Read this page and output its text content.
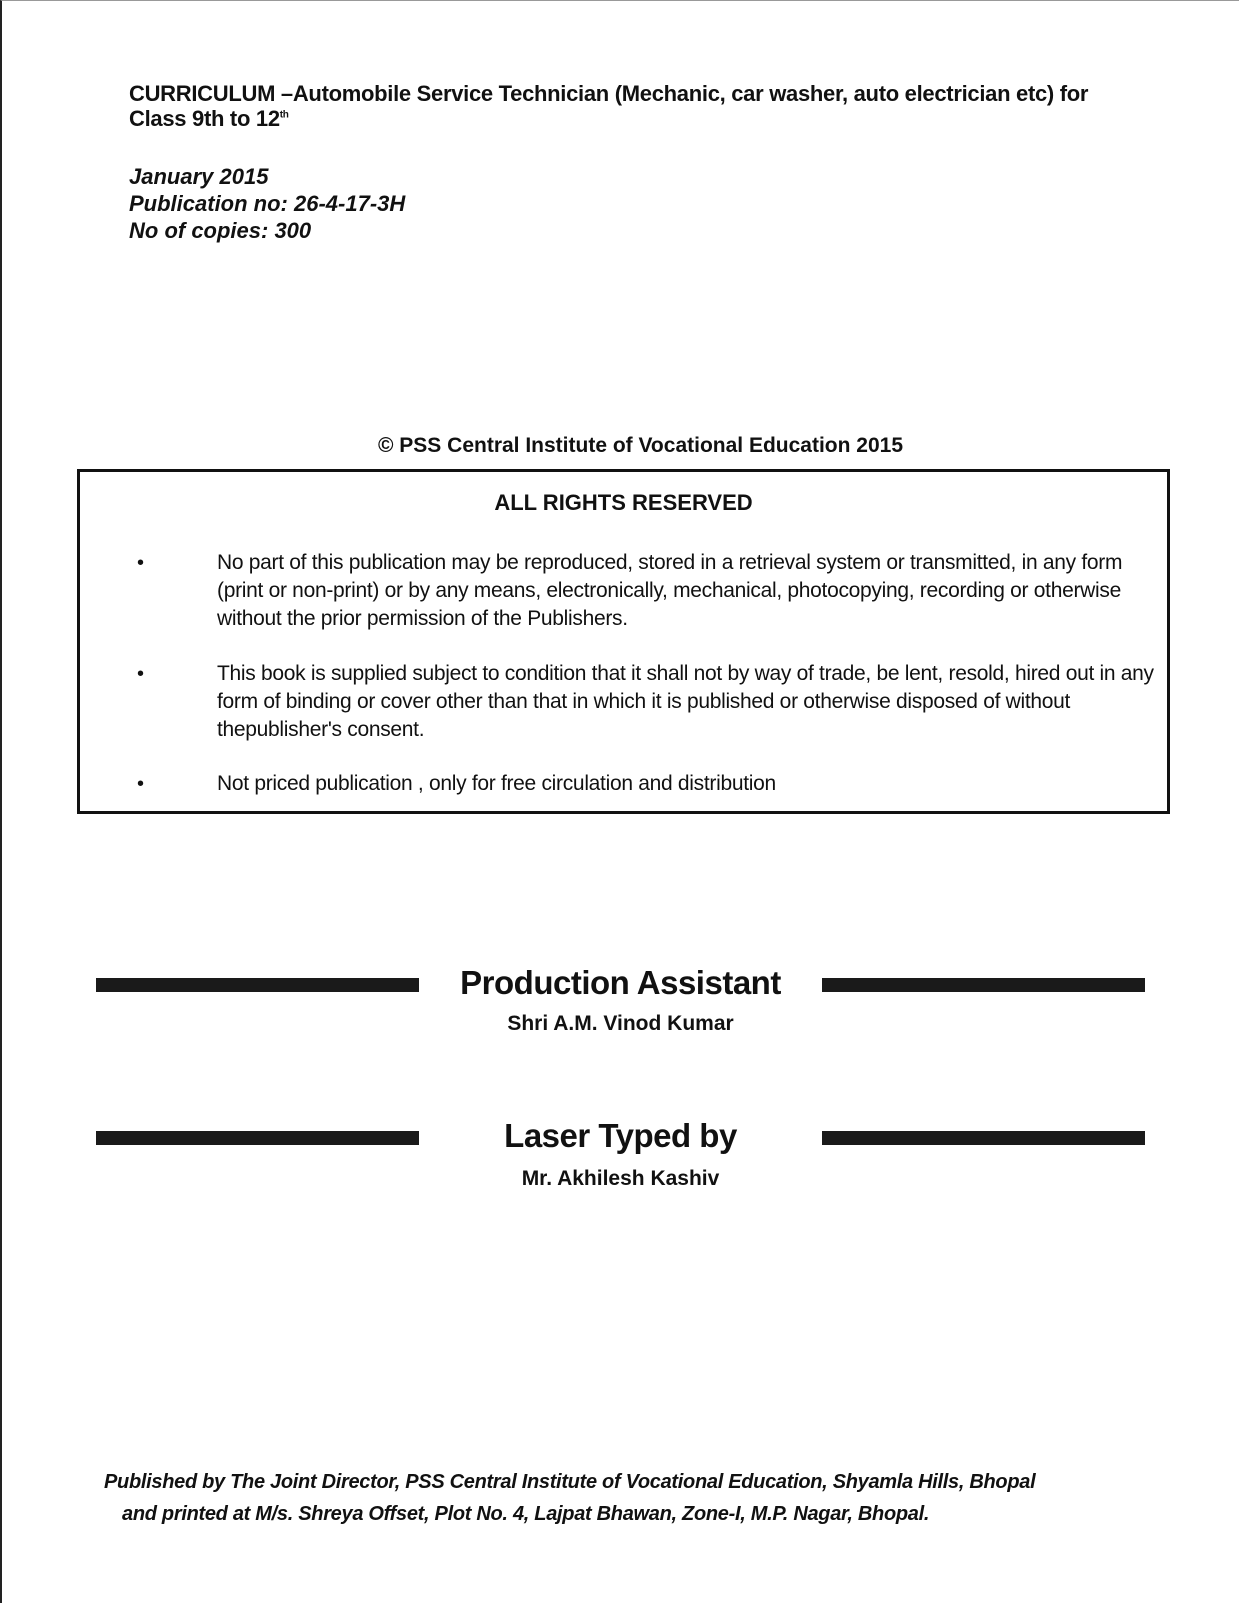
CURRICULUM –Automobile Service Technician (Mechanic, car washer, auto electrician etc) for Class 9th to 12th
January 2015
Publication no: 26-4-17-3H
No of copies: 300
© PSS Central Institute of Vocational Education 2015
ALL RIGHTS RESERVED
•	No part of this publication may be reproduced, stored in a retrieval system or transmitted, in any form (print or non-print) or by any means, electronically, mechanical, photocopying, recording or otherwise without the prior permission of the Publishers.
•	This book is supplied subject to condition that it shall not by way of trade, be lent, resold, hired out in any form of binding or cover other than that in which it is published or otherwise disposed of without thepublisher's consent.
•	Not priced publication , only for free circulation and distribution
Production Assistant
Shri A.M. Vinod Kumar
Laser Typed by
Mr. Akhilesh Kashiv
Published by The Joint Director, PSS Central Institute of Vocational Education, Shyamla Hills, Bhopal
and printed at M/s. Shreya Offset, Plot No. 4, Lajpat Bhawan, Zone-I, M.P. Nagar, Bhopal.
